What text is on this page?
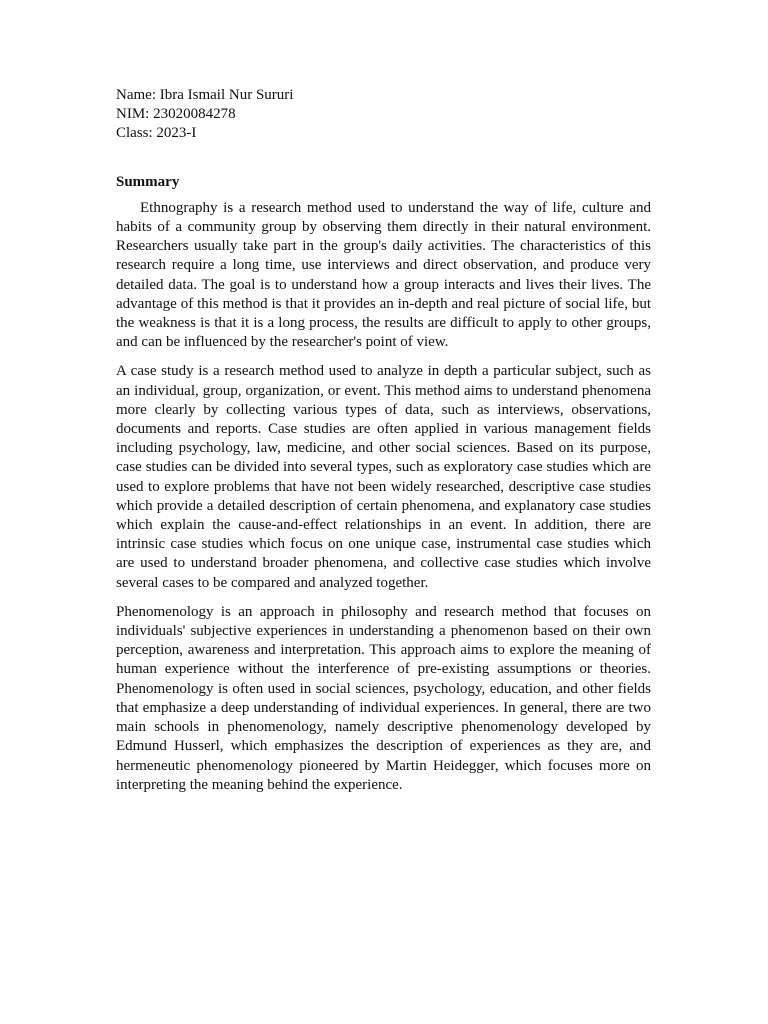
Name: Ibra Ismail Nur Sururi

NIM: 23020084278

Class: 2023-I

Summary

Ethnography is a research method used to understand the way of life, culture and habits of a community group by observing them directly in their natural environment. Researchers usually take part in the group's daily activities. The characteristics of this research require a long time, use interviews and direct observation, and produce very detailed data. The goal is to understand how a group interacts and lives their lives. The advantage of this method is that it provides an in-depth and real picture of social life, but the weakness is that it is a long process, the results are difficult to apply to other groups, and can be influenced by the researcher's point of view.

A case study is a research method used to analyze in depth a particular subject, such as an individual, group, organization, or event. This method aims to understand phenomena more clearly by collecting various types of data, such as interviews, observations, documents and reports. Case studies are often applied in various management fields including psychology, law, medicine, and other social sciences. Based on its purpose, case studies can be divided into several types, such as exploratory case studies which are used to explore problems that have not been widely researched, descriptive case studies which provide a detailed description of certain phenomena, and explanatory case studies which explain the cause-and-effect relationships in an event. In addition, there are intrinsic case studies which focus on one unique case, instrumental case studies which are used to understand broader phenomena, and collective case studies which involve several cases to be compared and analyzed together.

Phenomenology is an approach in philosophy and research method that focuses on individuals' subjective experiences in understanding a phenomenon based on their own perception, awareness and interpretation. This approach aims to explore the meaning of human experience without the interference of pre-existing assumptions or theories. Phenomenology is often used in social sciences, psychology, education, and other fields that emphasize a deep understanding of individual experiences. In general, there are two main schools in phenomenology, namely descriptive phenomenology developed by Edmund Husserl, which emphasizes the description of experiences as they are, and hermeneutic phenomenology pioneered by Martin Heidegger, which focuses more on interpreting the meaning behind the experience.
